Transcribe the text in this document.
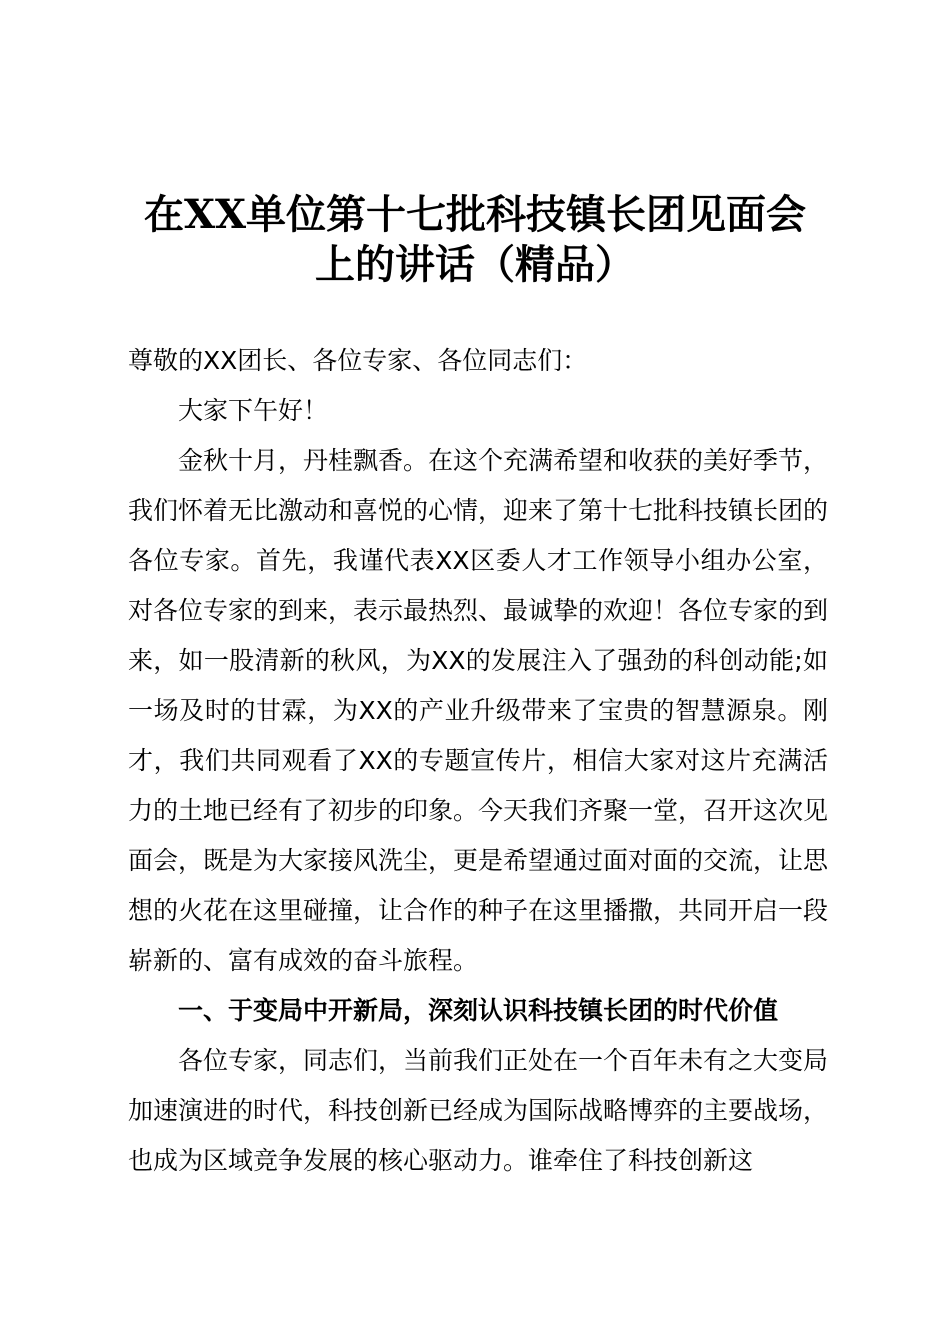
在XX单位第十七批科技镇长团见面会
上的讲话（精品）

尊敬的XX团长、各位专家、各位同志们：

大家下午好！

金秋十月，丹桂飘香。在这个充满希望和收获的美好季节，我们怀着无比激动和喜悦的心情，迎来了第十七批科技镇长团的各位专家。首先，我谨代表XX区委人才工作领导小组办公室，对各位专家的到来，表示最热烈、最诚挚的欢迎！各位专家的到来，如一股清新的秋风，为XX的发展注入了强劲的科创动能;如一场及时的甘霖，为XX的产业升级带来了宝贵的智慧源泉。刚才，我们共同观看了XX的专题宣传片，相信大家对这片充满活力的土地已经有了初步的印象。今天我们齐聚一堂，召开这次见面会，既是为大家接风洗尘，更是希望通过面对面的交流，让思想的火花在这里碰撞，让合作的种子在这里播撒，共同开启一段崭新的、富有成效的奋斗旅程。

一、于变局中开新局，深刻认识科技镇长团的时代价值

各位专家，同志们，当前我们正处在一个百年未有之大变局加速演进的时代，科技创新已经成为国际战略博弈的主要战场，也成为区域竞争发展的核心驱动力。谁牵住了科技创新这
